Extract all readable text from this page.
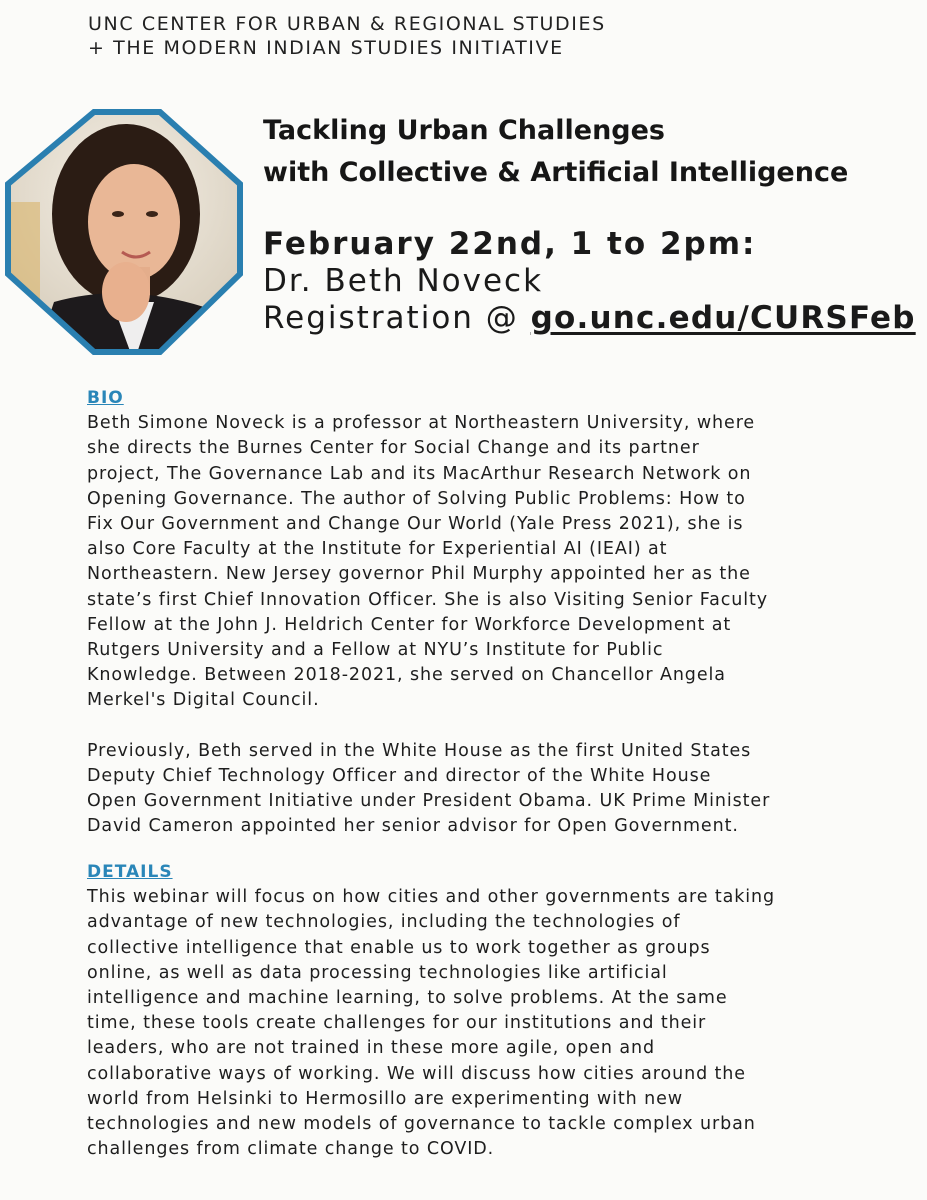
UNC CENTER FOR URBAN & REGIONAL STUDIES
+ THE MODERN INDIAN STUDIES INITIATIVE
Tackling Urban Challenges
with Collective & Artificial Intelligence
February 22nd, 1 to 2pm:
Dr. Beth Noveck
Registration @ go.unc.edu/CURSFeb
BIO
Beth Simone Noveck is a professor at Northeastern University, where
she directs the Burnes Center for Social Change and its partner
project, The Governance Lab and its MacArthur Research Network on
Opening Governance. The author of Solving Public Problems: How to
Fix Our Government and Change Our World (Yale Press 2021), she is
also Core Faculty at the Institute for Experiential AI (IEAI) at
Northeastern. New Jersey governor Phil Murphy appointed her as the
state’s first Chief Innovation Officer. She is also Visiting Senior Faculty
Fellow at the John J. Heldrich Center for Workforce Development at
Rutgers University and a Fellow at NYU’s Institute for Public
Knowledge. Between 2018-2021, she served on Chancellor Angela
Merkel's Digital Council.
Previously, Beth served in the White House as the first United States
Deputy Chief Technology Officer and director of the White House
Open Government Initiative under President Obama. UK Prime Minister
David Cameron appointed her senior advisor for Open Government.
DETAILS
This webinar will focus on how cities and other governments are taking
advantage of new technologies, including the technologies of
collective intelligence that enable us to work together as groups
online, as well as data processing technologies like artificial
intelligence and machine learning, to solve problems. At the same
time, these tools create challenges for our institutions and their
leaders, who are not trained in these more agile, open and
collaborative ways of working. We will discuss how cities around the
world from Helsinki to Hermosillo are experimenting with new
technologies and new models of governance to tackle complex urban
challenges from climate change to COVID.
